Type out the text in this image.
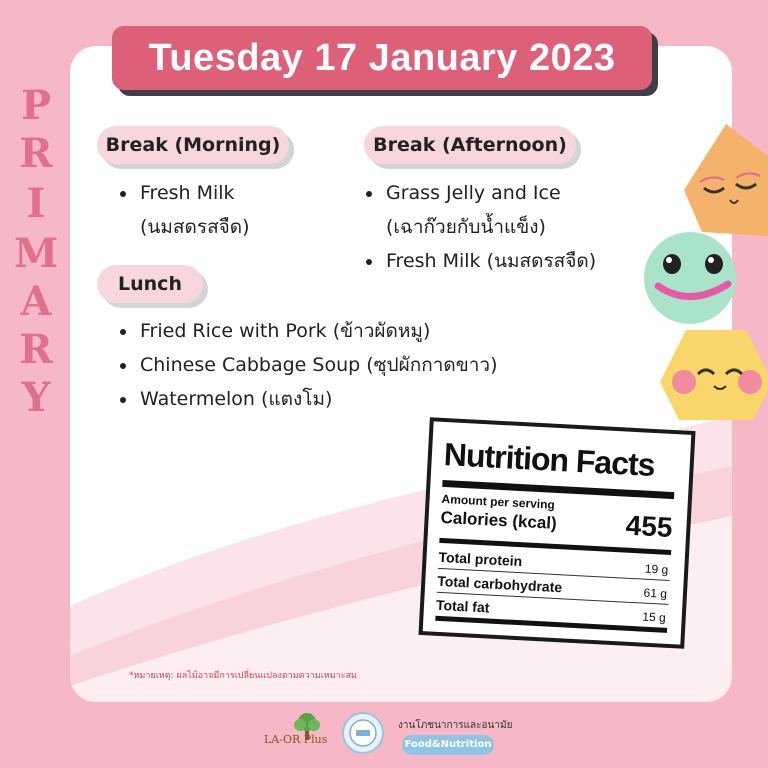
P
R
I
M
A
R
Y
Tuesday 17 January 2023
Break (Morning)
Fresh Milk
(นมสดรสจืด)
Break (Afternoon)
Grass Jelly and Ice
(เฉาก๊วยกับน้ำแข็ง)
Fresh Milk (นมสดรสจืด)
Lunch
Fried Rice with Pork (ข้าวผัดหมู)
Chinese Cabbage Soup (ซุปผักกาดขาว)
Watermelon (แตงโม)
Nutrition Facts
Amount per serving
Calories (kcal) 455
Total protein
19 g
Total carbohydrate	61 g
Total fat
15 g
*หมายเหตุ: ผลไม้อาจมีการเปลี่ยนแปลงตามความเหมาะสม
LA-OR Plus
งานโภชนาการและอนามัย
Food&Nutrition
